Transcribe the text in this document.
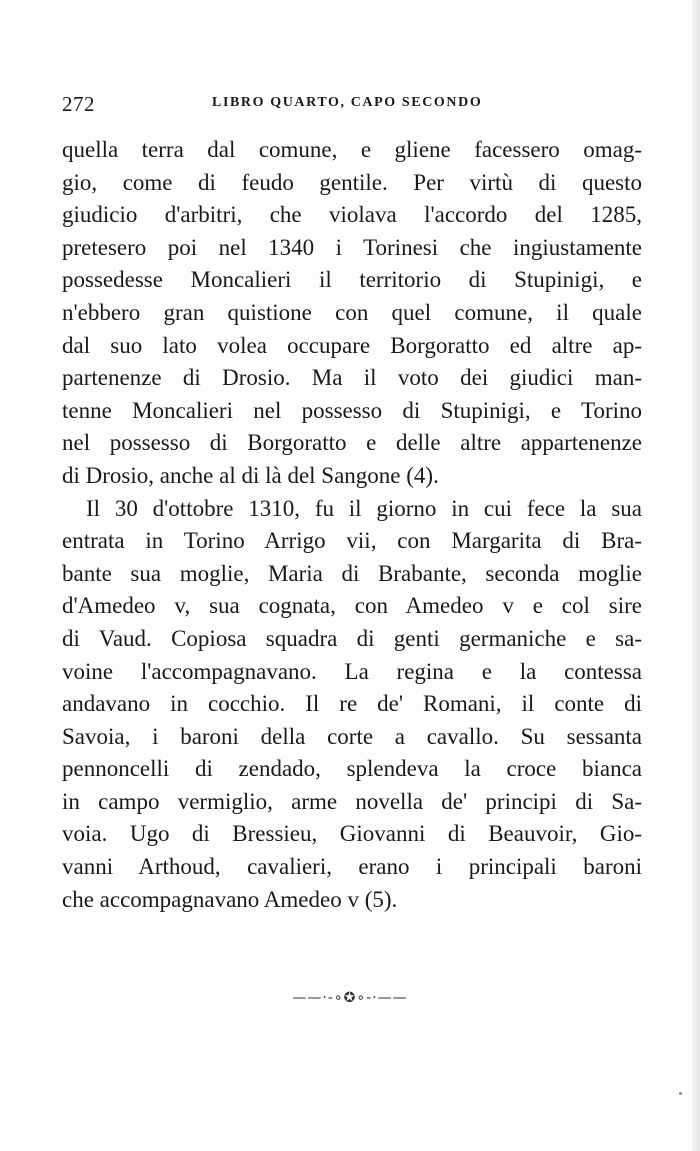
272	LIBRO QUARTO, CAPO SECONDO
quella terra dal comune, e gliene facessero omag-
gio, come di feudo gentile. Per virtù di questo
giudicio d'arbitri, che violava l'accordo del 1285,
pretesero poi nel 1340 i Torinesi che ingiustamente
possedesse Moncalieri il territorio di Stupinigi, e
n'ebbero gran quistione con quel comune, il quale
dal suo lato volea occupare Borgoratto ed altre ap-
partenenze di Drosio. Ma il voto dei giudici man-
tenne Moncalieri nel possesso di Stupinigi, e Torino
nel possesso di Borgoratto e delle altre appartenenze
di Drosio, anche al di là del Sangone (4).
Il 30 d'ottobre 1310, fu il giorno in cui fece la sua
entrata in Torino Arrigo vii, con Margarita di Bra-
bante sua moglie, Maria di Brabante, seconda moglie
d'Amedeo v, sua cognata, con Amedeo v e col sire
di Vaud. Copiosa squadra di genti germaniche e sa-
voine l'accompagnavano. La regina e la contessa
andavano in cocchio. Il re de' Romani, il conte di
Savoia, i baroni della corte a cavallo. Su sessanta
pennoncelli di zendado, splendeva la croce bianca
in campo vermiglio, arme novella de' principi di Sa-
voia. Ugo di Bressieu, Giovanni di Beauvoir, Gio-
vanni Arthoud, cavalieri, erano i principali baroni
che accompagnavano Amedeo v (5).
——·-∘✪∘-·——
